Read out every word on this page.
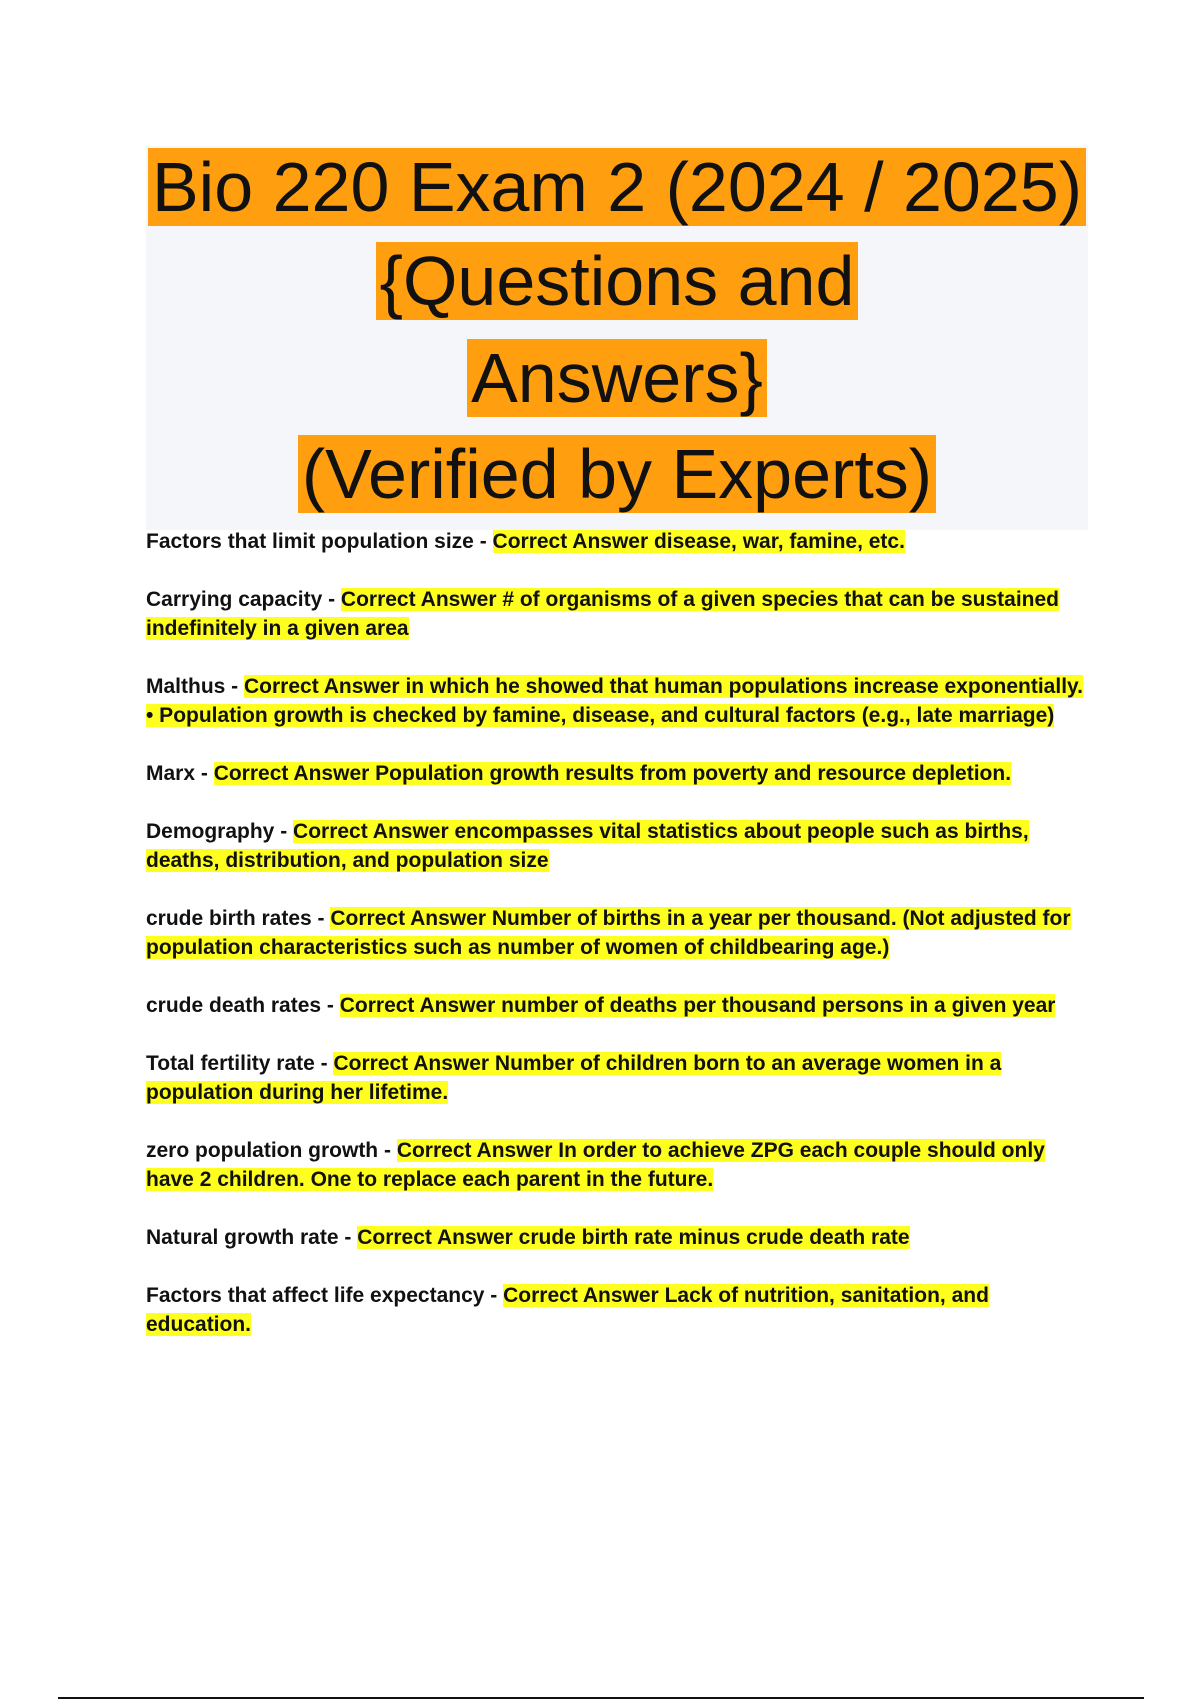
Bio 220 Exam 2 (2024 / 2025)
{Questions and
Answers}
(Verified by Experts)

Factors that limit population size - Correct Answer disease, war, famine, etc.

Carrying capacity - Correct Answer # of organisms of a given species that can be sustained indefinitely in a given area

Malthus - Correct Answer in which he showed that human populations increase exponentially. • Population growth is checked by famine, disease, and cultural factors (e.g., late marriage)

Marx - Correct Answer Population growth results from poverty and resource depletion.

Demography - Correct Answer encompasses vital statistics about people such as births, deaths, distribution, and population size

crude birth rates - Correct Answer Number of births in a year per thousand. (Not adjusted for population characteristics such as number of women of childbearing age.)

crude death rates - Correct Answer number of deaths per thousand persons in a given year

Total fertility rate - Correct Answer Number of children born to an average women in a population during her lifetime.

zero population growth - Correct Answer In order to achieve ZPG each couple should only have 2 children. One to replace each parent in the future.

Natural growth rate - Correct Answer crude birth rate minus crude death rate

Factors that affect life expectancy - Correct Answer Lack of nutrition, sanitation, and education.
